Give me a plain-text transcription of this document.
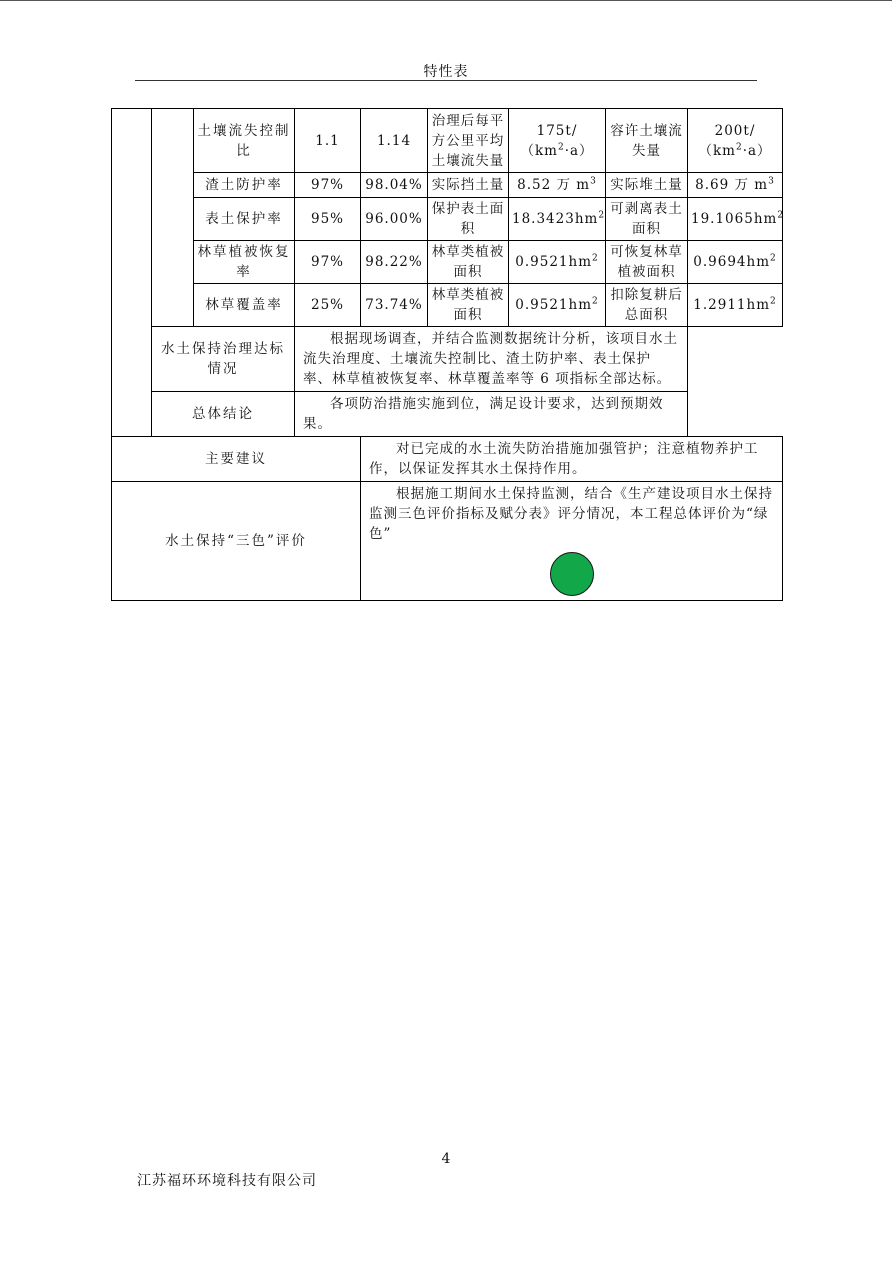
特性表
		土壤流失控制比	1.1	1.14	治理后每平方公里平均土壤流失量	$175t/(km^2\cdot a)$	容许土壤流失量	$200t/(km^2\cdot a)$
		渣土防护率	97%	98.04%	实际挡土量	8.52 万 $m^3$	实际堆土量	8.69 万 $m^3$
		表土保护率	95%	96.00%	保护表土面积	$18.3423hm^2$	可剥离表土面积	$19.1065hm^2$
		林草植被恢复率	97%	98.22%	林草类植被面积	$0.9521hm^2$	可恢复林草植被面积	$0.9694hm^2$
		林草覆盖率	25%	73.74%	林草类植被面积	$0.9521hm^2$	扣除复耕后总面积	$1.2911hm^2$
	水土保持治理达标情况		根据现场调查，并结合监测数据统计分析，该项目水土流失治理度、土壤流失控制比、渣土防护率、表土保护率、林草植被恢复率、林草覆盖率等 6 项指标全部达标。					

	总体结论		各项防治措施实施到位，满足设计要求，达到预期效果。					

主要建议				对已完成的水土流失防治措施加强管护；注意植物养护工作，以保证发挥其水土保持作用。				

水土保持“三色”评价				根据施工期间水土保持监测，结合《生产建设项目水土保持监测三色评价指标及赋分表》评分情况，本工程总体评价为“绿色”				
4
江苏福环环境科技有限公司
